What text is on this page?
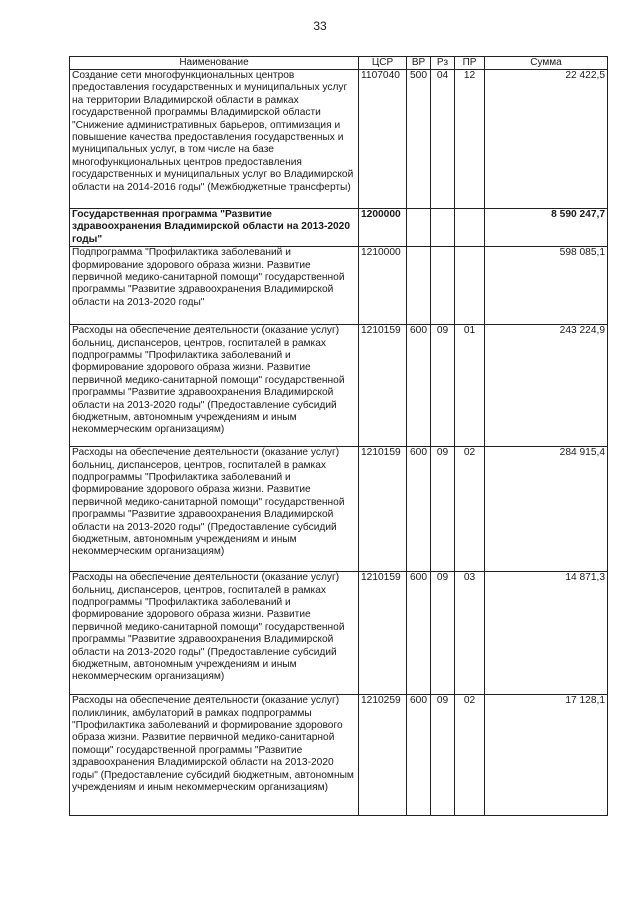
33
Наименование	ЦСР	ВР	Рз	ПР	Сумма
Создание сети многофункциональных центров предоставления государственных и муниципальных услуг на территории Владимирской области в рамках государственной программы Владимирской области "Снижение административных барьеров, оптимизация и повышение качества предоставления государственных и муниципальных услуг, в том числе на базе многофункциональных центров предоставления государственных и муниципальных услуг во Владимирской области на 2014-2016 годы" (Межбюджетные трансферты)	1107040	500	04	12	22 422,5
Государственная программа "Развитие здравоохранения Владимирской области на 2013-2020 годы"	1200000				8 590 247,7
Подпрограмма "Профилактика заболеваний и формирование здорового образа жизни. Развитие первичной медико-санитарной помощи" государственной программы "Развитие здравоохранения Владимирской области на 2013-2020 годы"	1210000				598 085,1
Расходы на обеспечение деятельности (оказание услуг) больниц, диспансеров, центров, госпиталей в рамках подпрограммы "Профилактика заболеваний и формирование здорового образа жизни. Развитие первичной медико-санитарной помощи" государственной программы "Развитие здравоохранения Владимирской области на 2013-2020 годы" (Предоставление субсидий бюджетным, автономным учреждениям и иным некоммерческим организациям)	1210159	600	09	01	243 224,9
Расходы на обеспечение деятельности (оказание услуг) больниц, диспансеров, центров, госпиталей в рамках подпрограммы "Профилактика заболеваний и формирование здорового образа жизни. Развитие первичной медико-санитарной помощи" государственной программы "Развитие здравоохранения Владимирской области на 2013-2020 годы" (Предоставление субсидий бюджетным, автономным учреждениям и иным некоммерческим организациям)	1210159	600	09	02	284 915,4
Расходы на обеспечение деятельности (оказание услуг) больниц, диспансеров, центров, госпиталей в рамках подпрограммы "Профилактика заболеваний и формирование здорового образа жизни. Развитие первичной медико-санитарной помощи" государственной программы "Развитие здравоохранения Владимирской области на 2013-2020 годы" (Предоставление субсидий бюджетным, автономным учреждениям и иным некоммерческим организациям)	1210159	600	09	03	14 871,3
Расходы на обеспечение деятельности (оказание услуг) поликлиник, амбулаторий в рамках подпрограммы "Профилактика заболеваний и формирование здорового образа жизни. Развитие первичной медико-санитарной помощи" государственной программы "Развитие здравоохранения Владимирской области на 2013-2020 годы" (Предоставление субсидий бюджетным, автономным учреждениям и иным некоммерческим организациям)	1210259	600	09	02	17 128,1
